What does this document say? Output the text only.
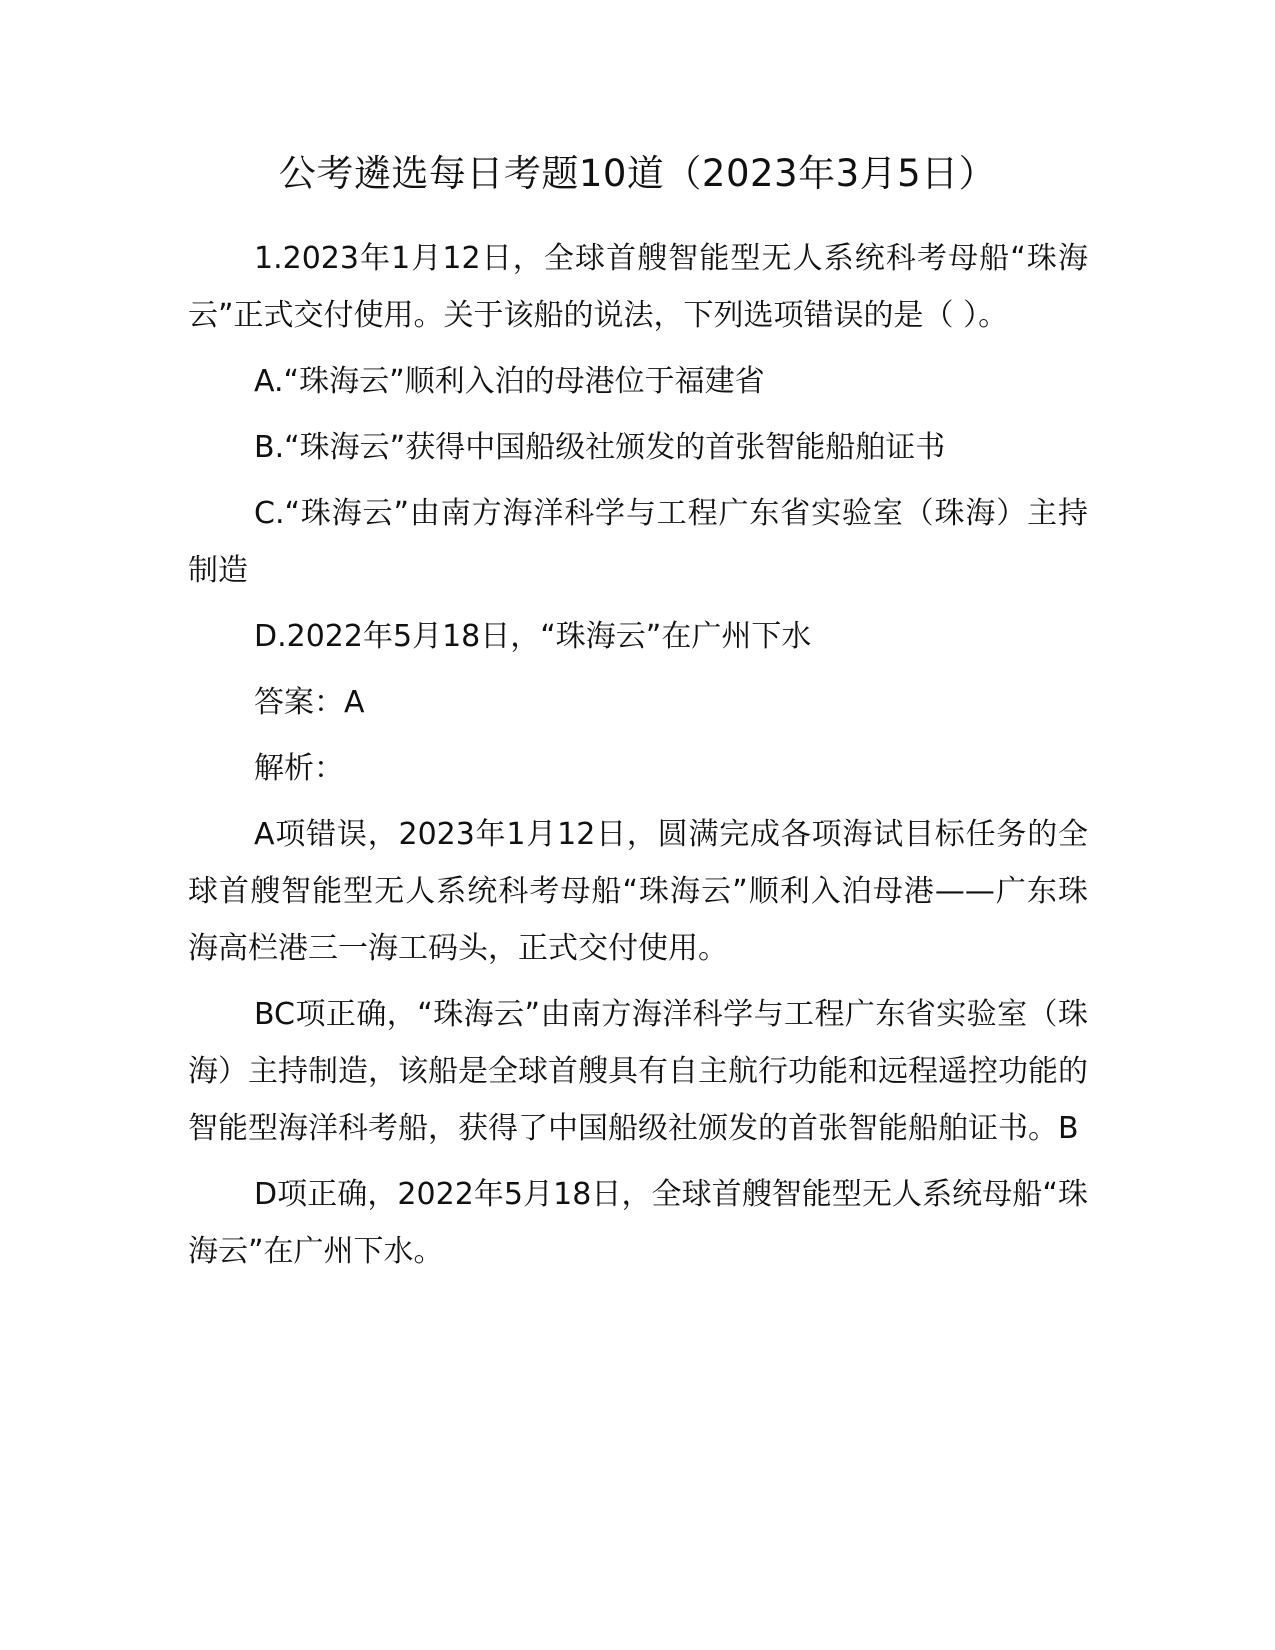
公考遴选每日考题10道（2023年3月5日）

1.2023年1月12日，全球首艘智能型无人系统科考母船“珠海云”正式交付使用。关于该船的说法，下列选项错误的是（ ）。

A.“珠海云”顺利入泊的母港位于福建省

B.“珠海云”获得中国船级社颁发的首张智能船舶证书

C.“珠海云”由南方海洋科学与工程广东省实验室（珠海）主持制造

D.2022年5月18日，“珠海云”在广州下水

答案：A

解析：

A项错误，2023年1月12日，圆满完成各项海试目标任务的全球首艘智能型无人系统科考母船“珠海云”顺利入泊母港——广东珠海高栏港三一海工码头，正式交付使用。

BC项正确，“珠海云”由南方海洋科学与工程广东省实验室（珠海）主持制造，该船是全球首艘具有自主航行功能和远程遥控功能的智能型海洋科考船，获得了中国船级社颁发的首张智能船舶证书。B

D项正确，2022年5月18日，全球首艘智能型无人系统母船“珠海云”在广州下水。
